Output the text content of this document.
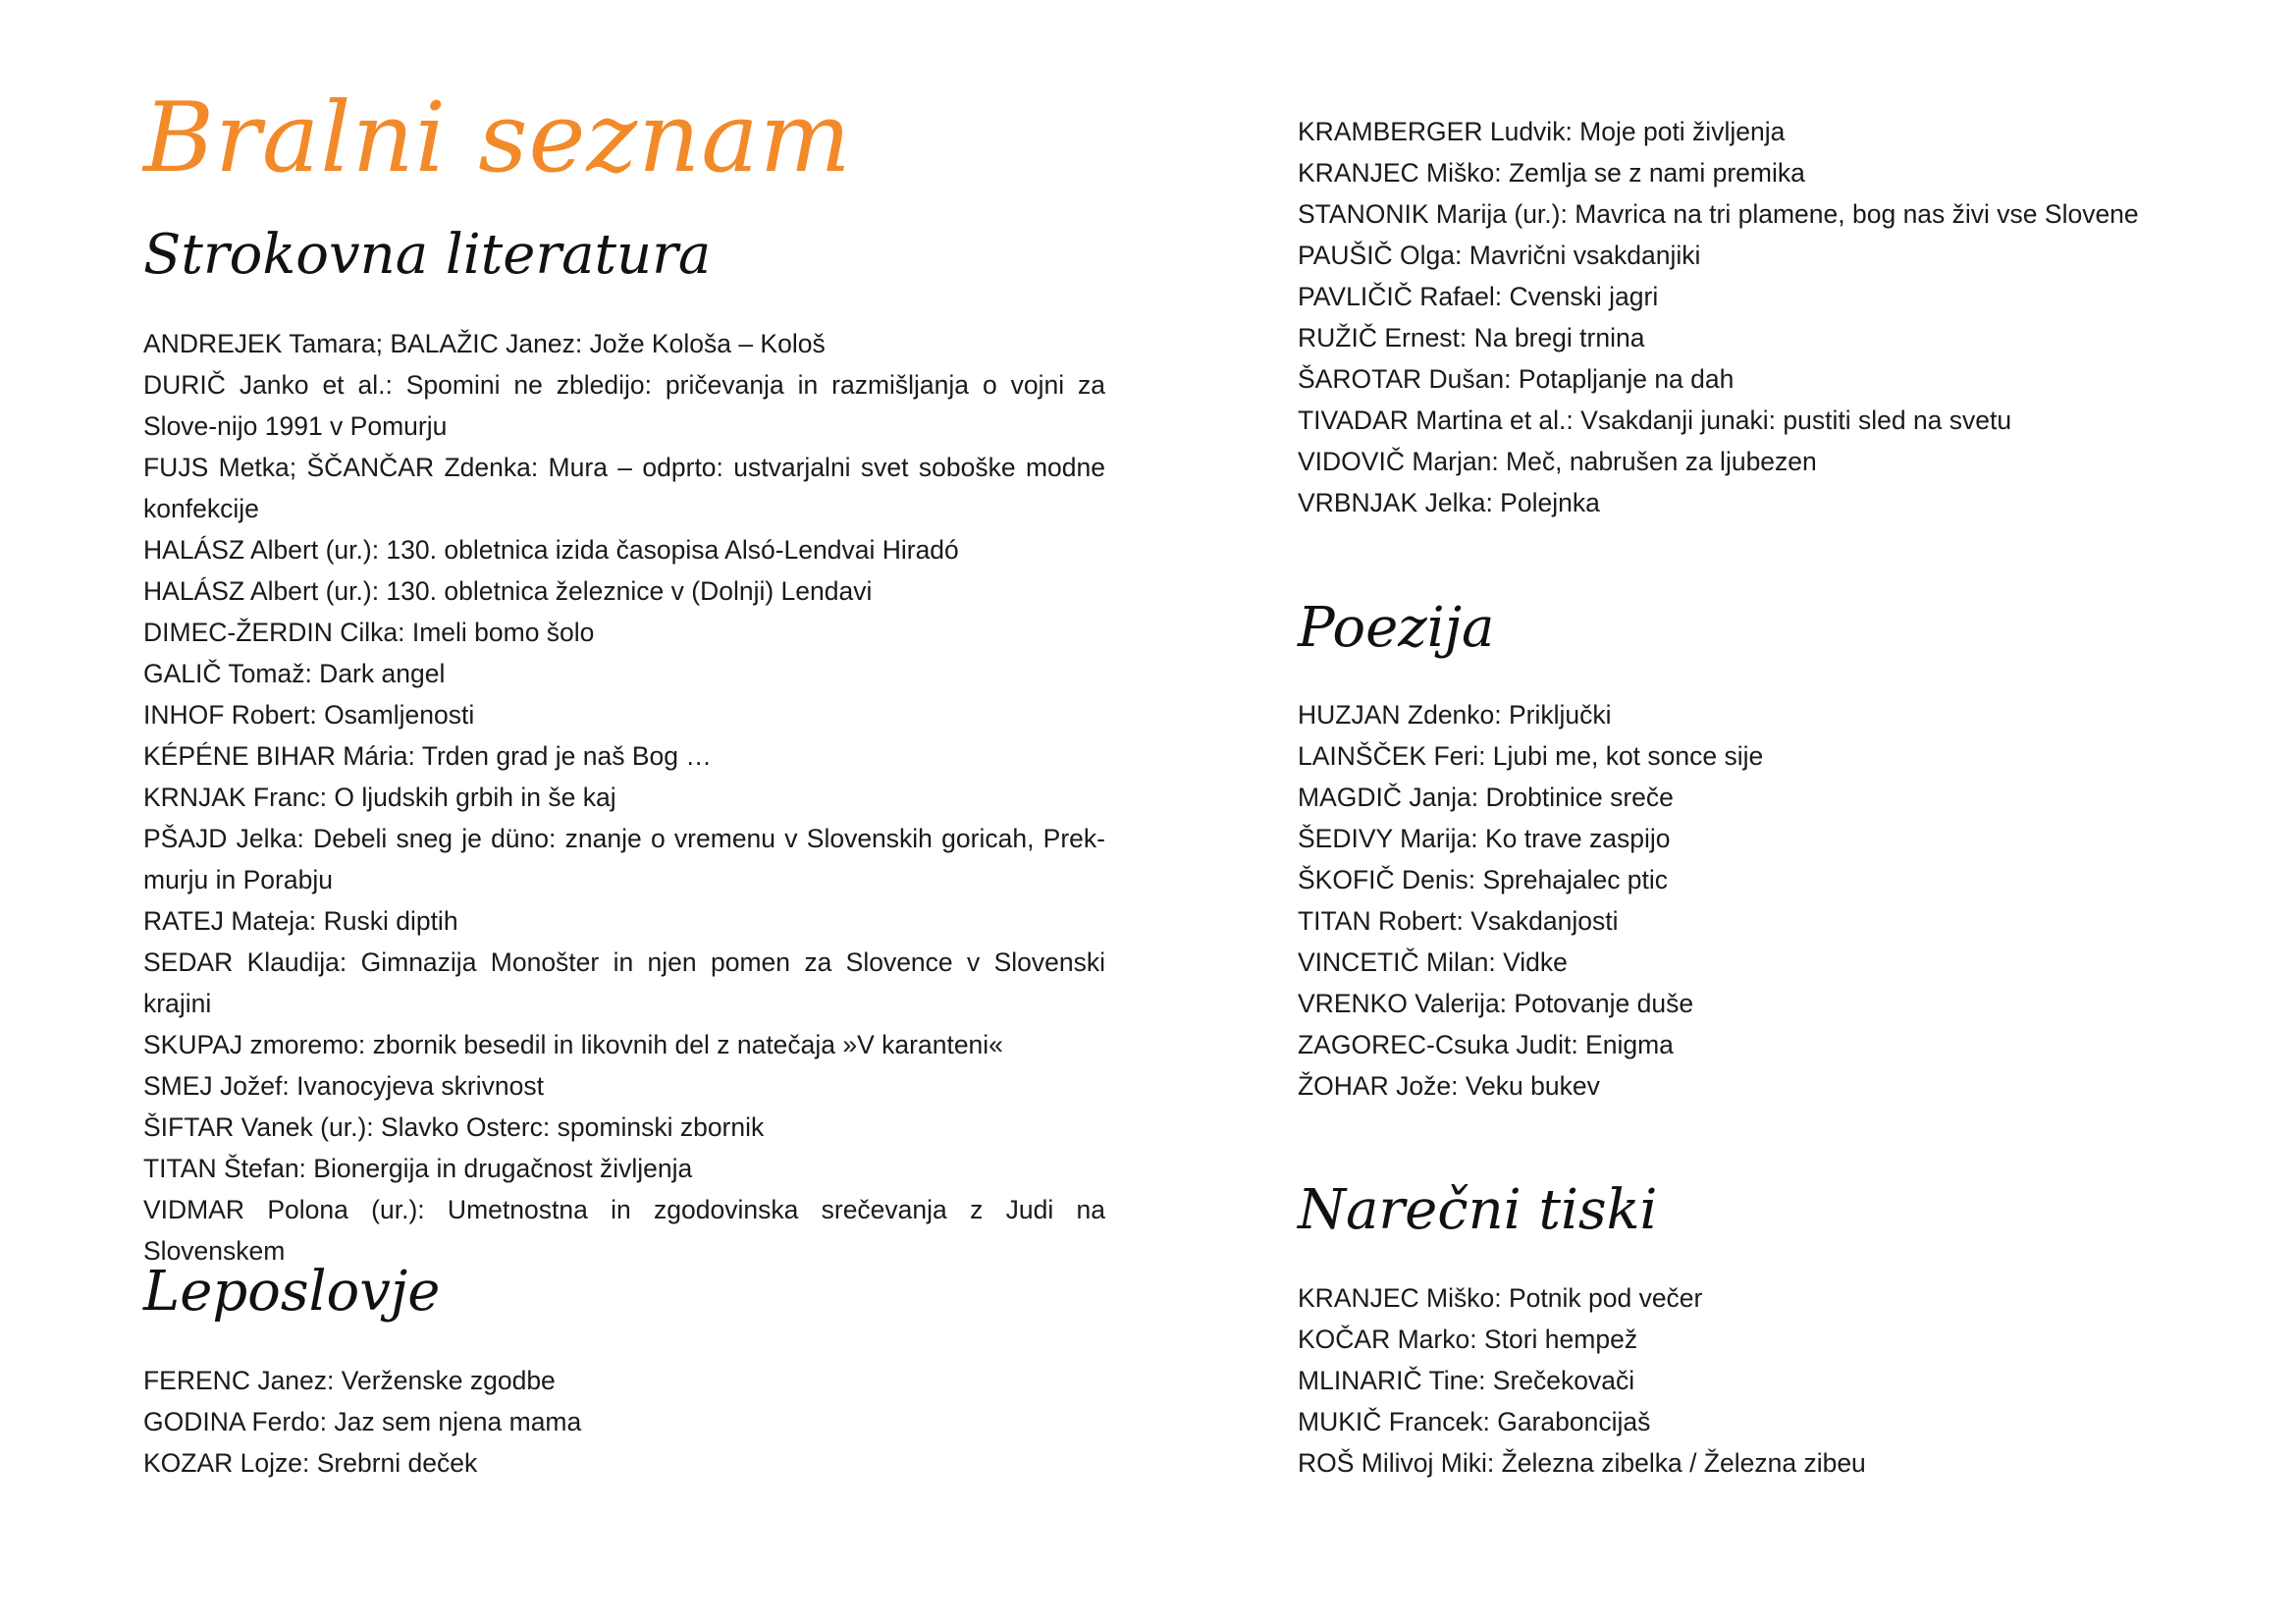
Bralni seznam
Strokovna literatura
ANDREJEK Tamara; BALAŽIC Janez: Jože Kološa – Kološ
DURIČ Janko et al.: Spomini ne zbledijo: pričevanja in razmišljanja o vojni za Slove-nijo 1991 v Pomurju
FUJS Metka; ŠČANČAR Zdenka: Mura – odprto: ustvarjalni svet soboške modne konfekcije
HALÁSZ Albert (ur.): 130. obletnica izida časopisa Alsó-Lendvai Hiradó
HALÁSZ Albert (ur.): 130. obletnica železnice v (Dolnji) Lendavi
DIMEC-ŽERDIN Cilka: Imeli bomo šolo
GALIČ Tomaž: Dark angel
INHOF Robert: Osamljenosti
KÉPÉNE BIHAR Mária: Trden grad je naš Bog …
KRNJAK Franc: O ljudskih grbih in še kaj
PŠAJD Jelka: Debeli sneg je düno: znanje o vremenu v Slovenskih goricah, Prek-murju in Porabju
RATEJ Mateja: Ruski diptih
SEDAR Klaudija: Gimnazija Monošter in njen pomen za Slovence v Slovenski krajini
SKUPAJ zmoremo: zbornik besedil in likovnih del z natečaja »V karanteni«
SMEJ Jožef: Ivanocyjeva skrivnost
ŠIFTAR Vanek (ur.): Slavko Osterc: spominski zbornik
TITAN Štefan: Bionergija in drugačnost življenja
VIDMAR Polona (ur.): Umetnostna in zgodovinska srečevanja z Judi na Slovenskem
Leposlovje
FERENC Janez: Veržensk​e zgodbe
GODINA Ferdo: Jaz sem njena mama
KOZAR Lojze: Srebrni deček
KRAMBERGER Ludvik: Moje poti življenja
KRANJEC Miško: Zemlja se z nami premika
STANONIK Marija (ur.): Mavrica na tri plamene, bog nas živi vse Slovene
PAUŠIČ Olga: Mavrični vsakdanjiki
PAVLIČIČ Rafael: Cvenski jagri
RUŽIČ Ernest: Na bregi trnina
ŠAROTAR Dušan: Potapljanje na dah
TIVADAR Martina et al.: Vsakdanji junaki: pustiti sled na svetu
VIDOVIČ Marjan: Meč, nabrušen za ljubezen
VRBNJAK Jelka: Polejnka
Poezija
HUZJAN Zdenko: Priključki
LAINŠČEK Feri: Ljubi me, kot sonce sije
MAGDIČ Janja: Drobtinice sreče
ŠEDIVY Marija: Ko trave zaspijo
ŠKOFIČ Denis: Sprehajalec ptic
TITAN Robert: Vsakdanjosti
VINCETIČ Milan: Vidke
VRENKO Valerija: Potovanje duše
ZAGOREC-Csuka Judit: Enigma
ŽOHAR Jože: Veku bukev
Narečni tiski
KRANJEC Miško: Potnik pod večer
KOČAR Marko: Stori hempež
MLINARIČ Tine: Srečekovači
MUKIČ Francek: Garaboncijaš
ROŠ Milivoj Miki: Železna zibelka / Železna zibeu
